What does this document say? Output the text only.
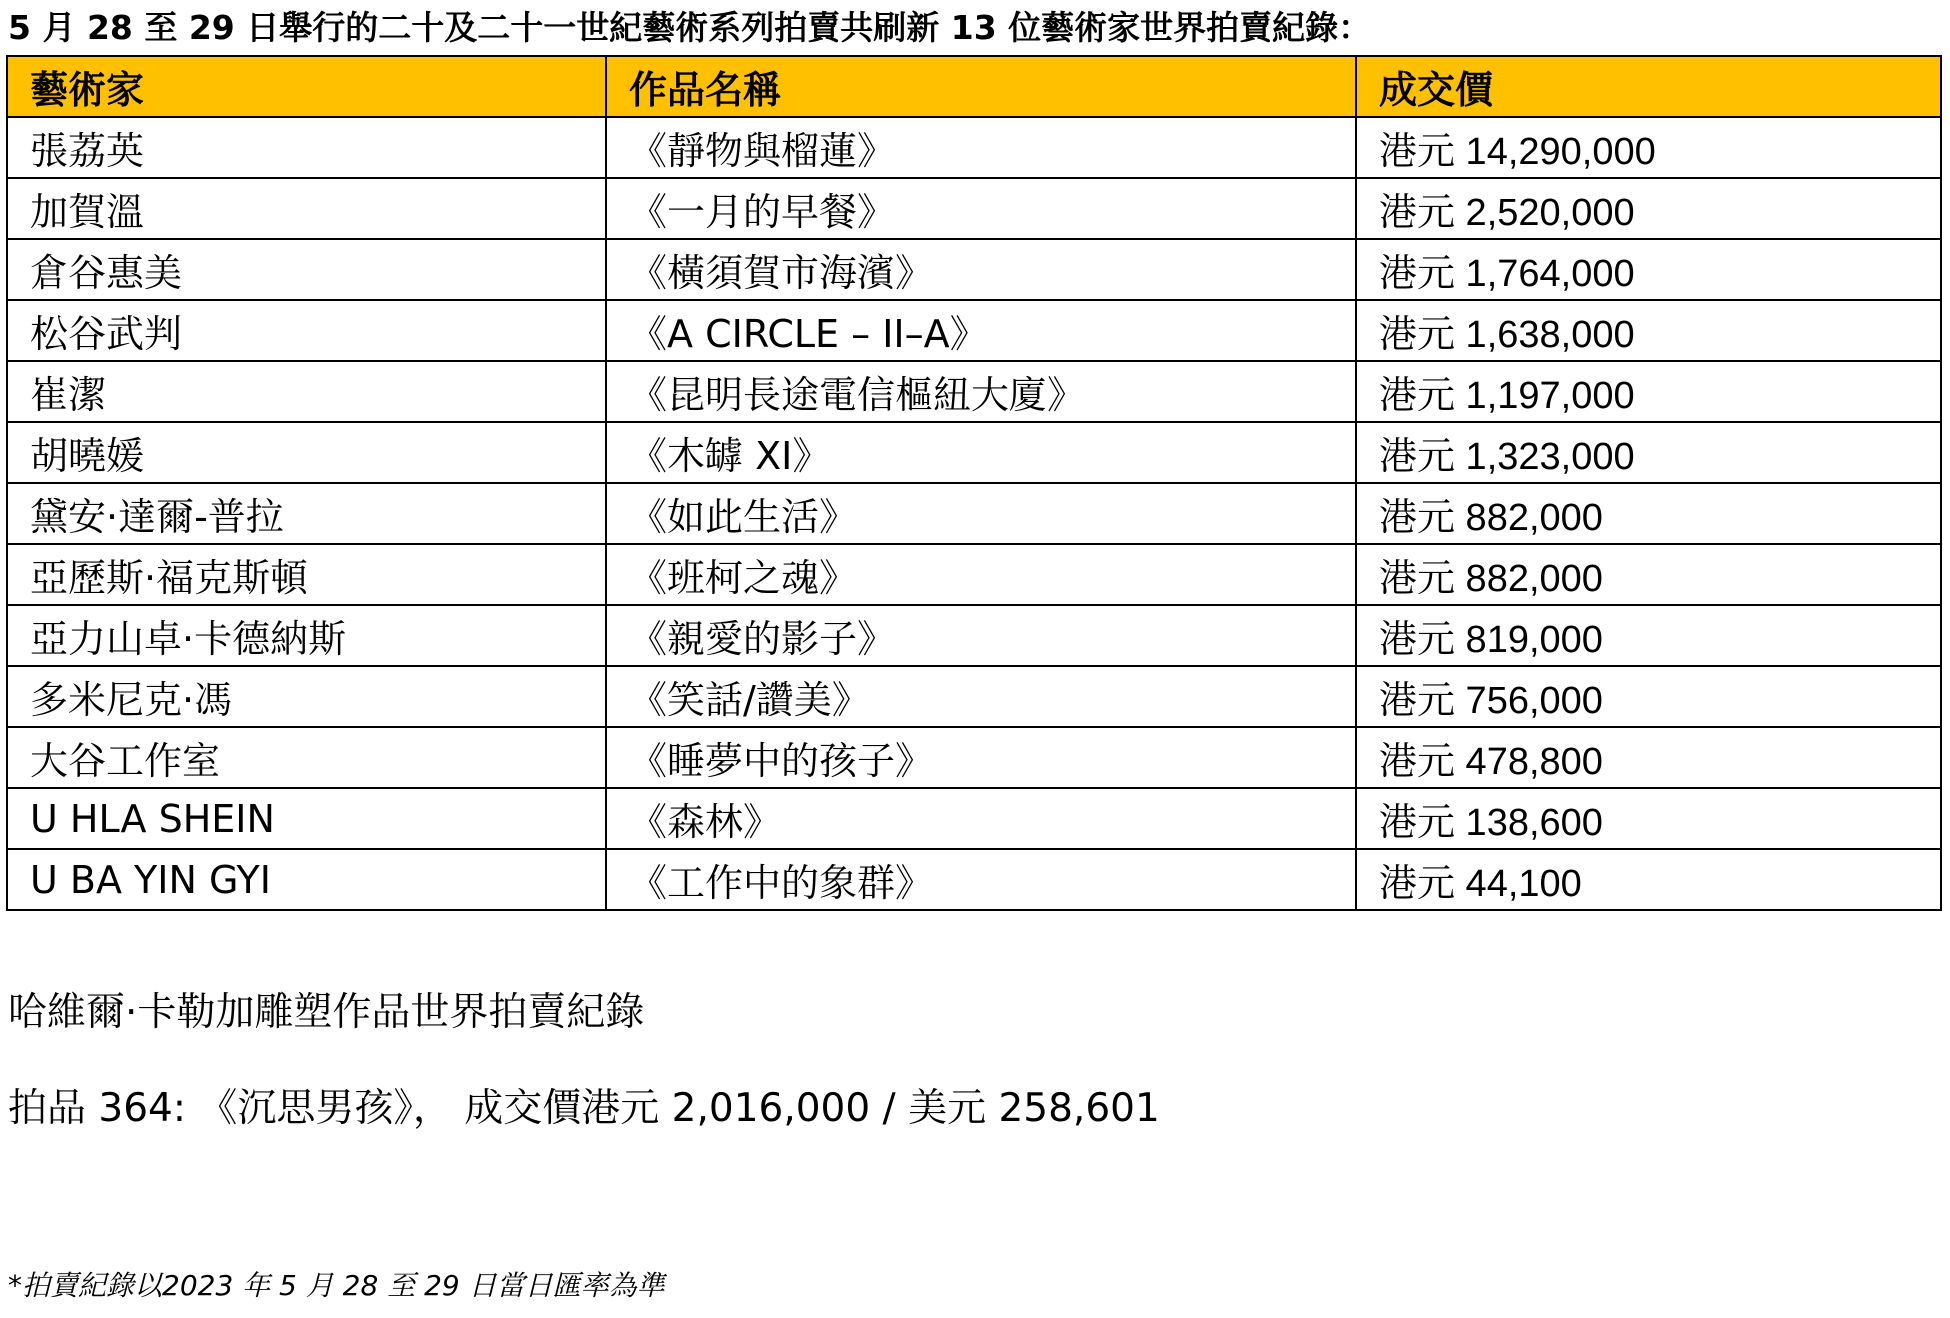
5 月 28 至 29 日舉行的二十及二十一世紀藝術系列拍賣共刷新 13 位藝術家世界拍賣紀錄：
藝術家	作品名稱	成交價
張荔英	《靜物與榴蓮》	港元 14,290,000
加賀溫	《一月的早餐》	港元 2,520,000
倉谷惠美	《橫須賀市海濱》	港元 1,764,000
松谷武判	《A CIRCLE – II–A》	港元 1,638,000
崔潔	《昆明長途電信樞紐大廈》	港元 1,197,000
胡曉媛	《木罅 XI》	港元 1,323,000
黛安·達爾-普拉	《如此生活》	港元 882,000
亞歷斯·福克斯頓	《班柯之魂》	港元 882,000
亞力山卓·卡德納斯	《親愛的影子》	港元 819,000
多米尼克·馮	《笑話/讚美》	港元 756,000
大谷工作室	《睡夢中的孩子》	港元 478,800
U HLA SHEIN	《森林》	港元 138,600
U BA YIN GYI	《工作中的象群》	港元 44,100
哈維爾·卡勒加雕塑作品世界拍賣紀錄
拍品 364: 《沉思男孩》， 成交價港元 2,016,000 / 美元 258,601
*拍賣紀錄以2023 年 5 月 28 至 29 日當日匯率為準
